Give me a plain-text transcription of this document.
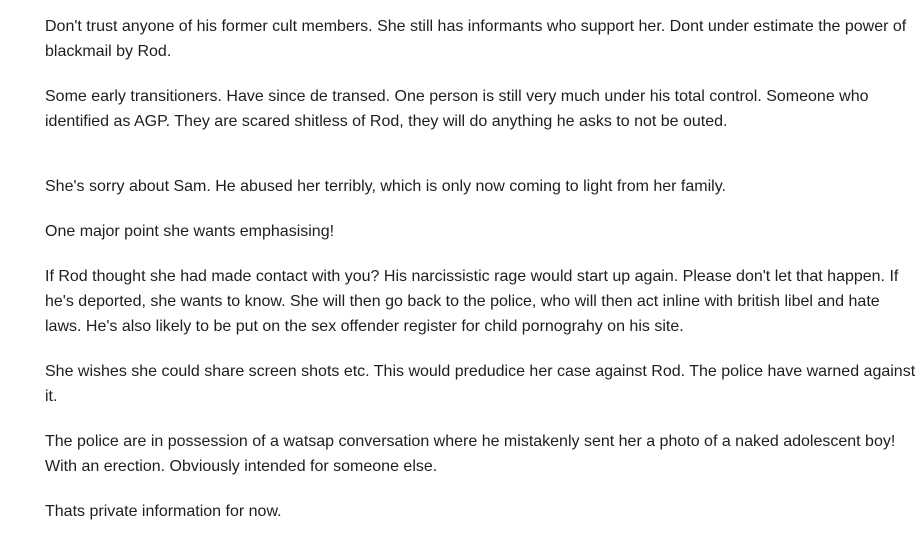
Don't trust anyone of his former cult members. She still has informants who support her. Dont under estimate the power of blackmail by Rod.

Some early transitioners. Have since de transed. One person is still very much under his total control. Someone who identified as AGP. They are scared shitless of Rod, they will do anything he asks to not be outed.

She's sorry about Sam. He abused her terribly, which is only now coming to light from her family.

One major point she wants emphasising!

If Rod thought she had made contact with you? His narcissistic rage would start up again. Please don't let that happen. If he's deported, she wants to know. She will then go back to the police, who will then act inline with british libel and hate laws. He's also likely to be put on the sex offender register for child pornograhy on his site.

She wishes she could share screen shots etc. This would predudice her case against Rod. The police have warned against it.

The police are in possession of a watsap conversation where he mistakenly sent her a photo of a naked adolescent boy! With an erection. Obviously intended for someone else.

Thats private information for now.
